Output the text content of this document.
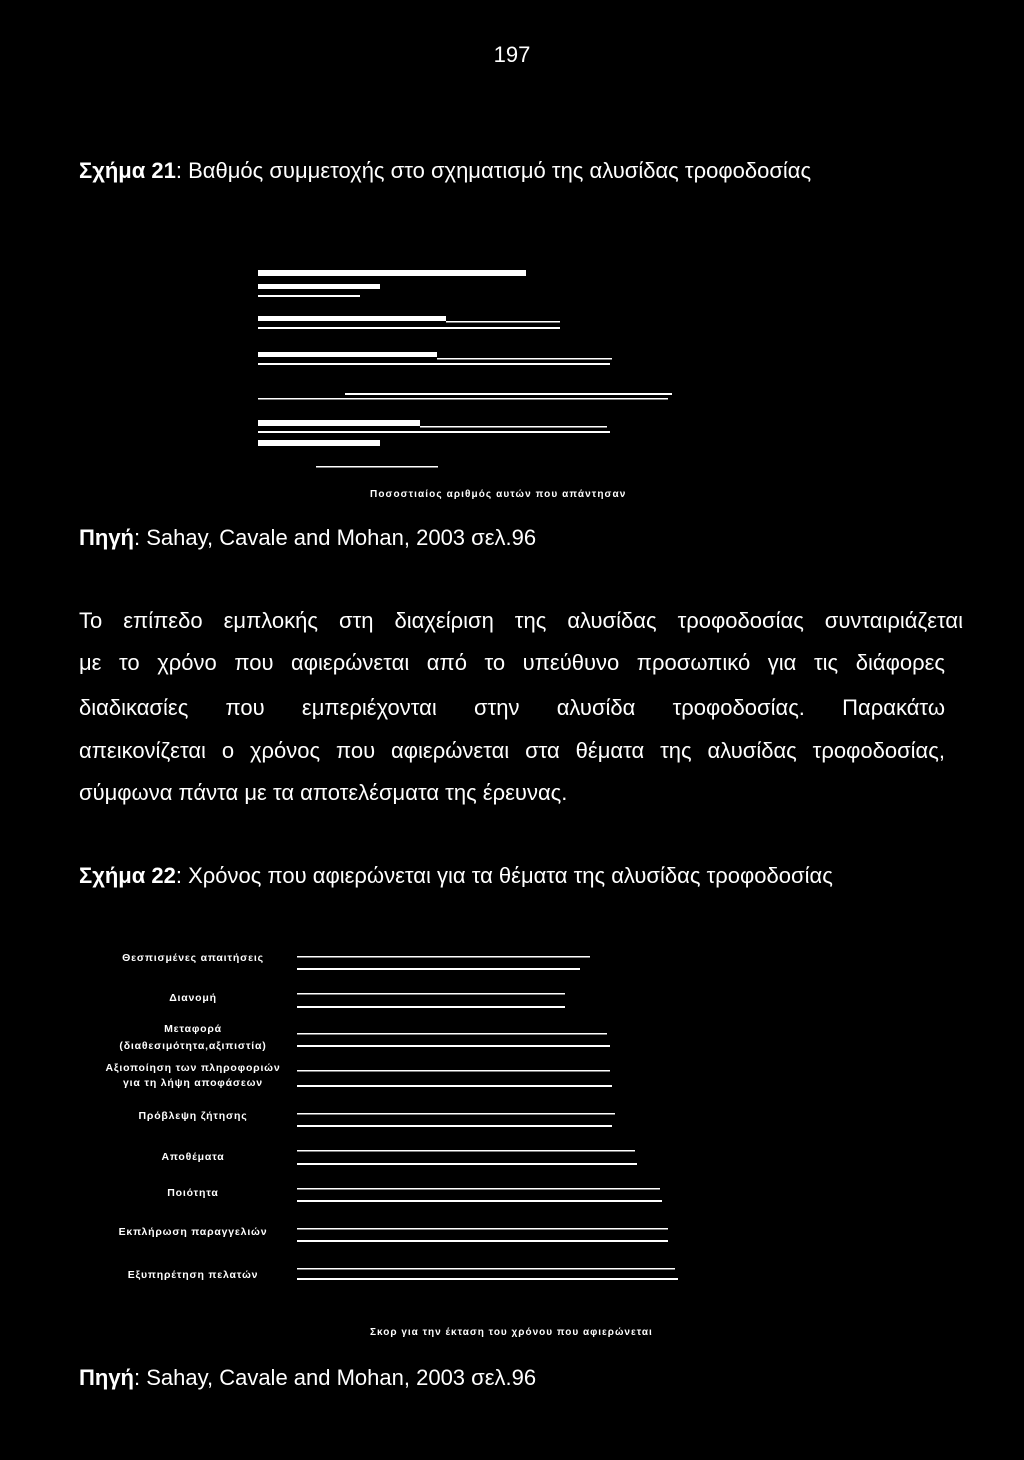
197
Σχήμα 21: Βαθμός συμμετοχής στο σχηματισμό της αλυσίδας τροφοδοσίας
Ποσοστιαίος αριθμός αυτών που απάντησαν
Πηγή: Sahay, Cavale and Mohan, 2003 σελ.96
Το επίπεδο εμπλοκής στη διαχείριση της αλυσίδας τροφοδοσίας συνταιριάζεται
με το χρόνο που αφιερώνεται από το υπεύθυνο προσωπικό για τις διάφορες
διαδικασίες που εμπεριέχονται στην αλυσίδα τροφοδοσίας. Παρακάτω
απεικονίζεται ο χρόνος που αφιερώνεται στα θέματα της αλυσίδας τροφοδοσίας,
σύμφωνα πάντα με τα αποτελέσματα της έρευνας.
Σχήμα 22: Χρόνος που αφιερώνεται για τα θέματα της αλυσίδας τροφοδοσίας
Θεσπισμένες απαιτήσεις
Διανομή
Μεταφορά
(διαθεσιμότητα,αξιπιστία)
Αξιοποίηση των πληροφοριών
για τη λήψη αποφάσεων
Πρόβλεψη ζήτησης
Αποθέματα
Ποιότητα
Εκπλήρωση παραγγελιών
Εξυπηρέτηση πελατών
Σκορ για την έκταση του χρόνου που αφιερώνεται
Πηγή: Sahay, Cavale and Mohan, 2003 σελ.96
